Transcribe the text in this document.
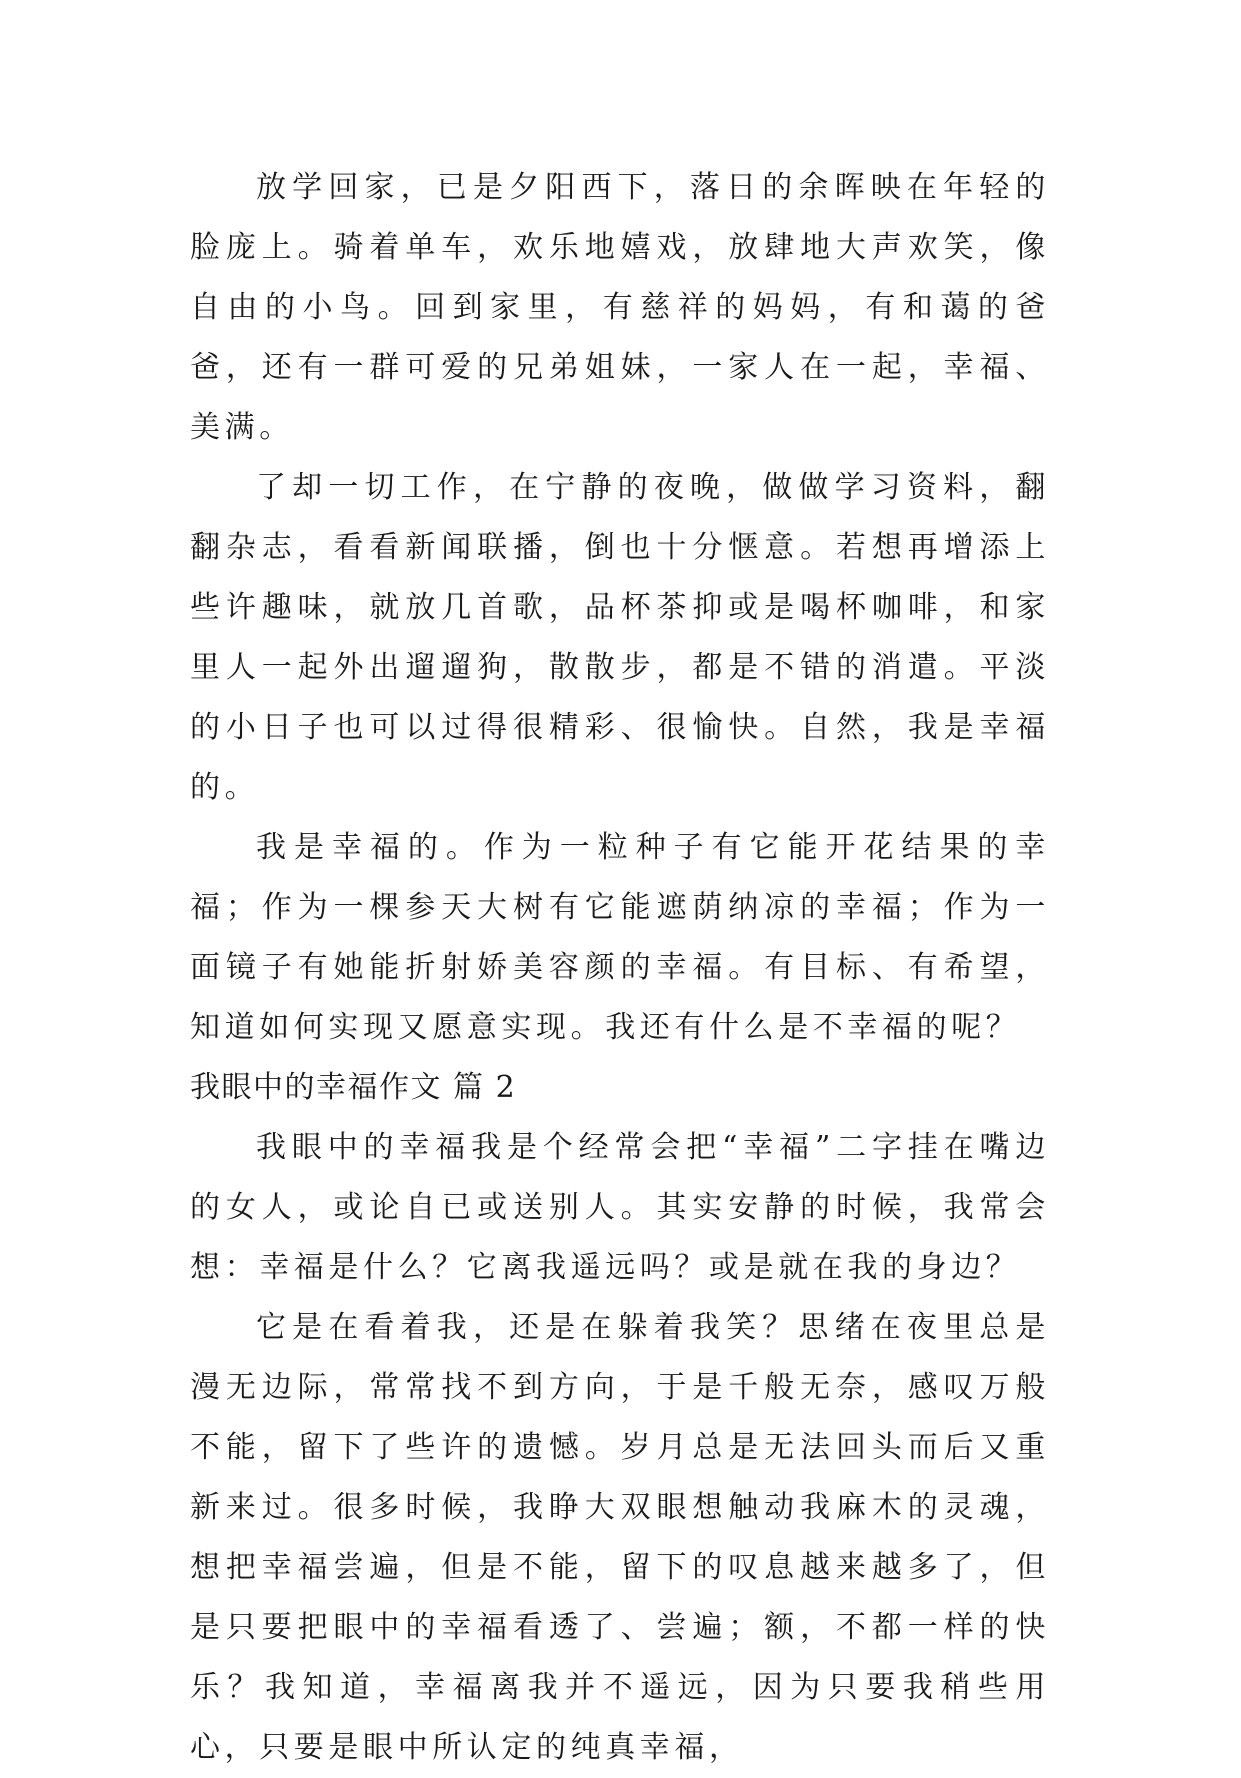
放学回家，已是夕阳西下，落日的余晖映在年轻的脸庞上。骑着单车，欢乐地嬉戏，放肆地大声欢笑，像自由的小鸟。回到家里，有慈祥的妈妈，有和蔼的爸爸，还有一群可爱的兄弟姐妹，一家人在一起，幸福、美满。

了却一切工作，在宁静的夜晚，做做学习资料，翻翻杂志，看看新闻联播，倒也十分惬意。若想再增添上些许趣味，就放几首歌，品杯茶抑或是喝杯咖啡，和家里人一起外出遛遛狗，散散步，都是不错的消遣。平淡的小日子也可以过得很精彩、很愉快。自然，我是幸福的。

我是幸福的。作为一粒种子有它能开花结果的幸福；作为一棵参天大树有它能遮荫纳凉的幸福；作为一面镜子有她能折射娇美容颜的幸福。有目标、有希望，知道如何实现又愿意实现。我还有什么是不幸福的呢？

我眼中的幸福作文 篇 2

我眼中的幸福我是个经常会把“幸福”二字挂在嘴边的女人，或论自已或送别人。其实安静的时候，我常会想：幸福是什么？它离我遥远吗？或是就在我的身边？

它是在看着我，还是在躲着我笑？思绪在夜里总是漫无边际，常常找不到方向，于是千般无奈，感叹万般不能，留下了些许的遗憾。岁月总是无法回头而后又重新来过。很多时候，我睁大双眼想触动我麻木的灵魂，想把幸福尝遍，但是不能，留下的叹息越来越多了，但是只要把眼中的幸福看透了、尝遍；额，不都一样的快乐？我知道，幸福离我并不遥远，因为只要我稍些用心，只要是眼中所认定的纯真幸福，
